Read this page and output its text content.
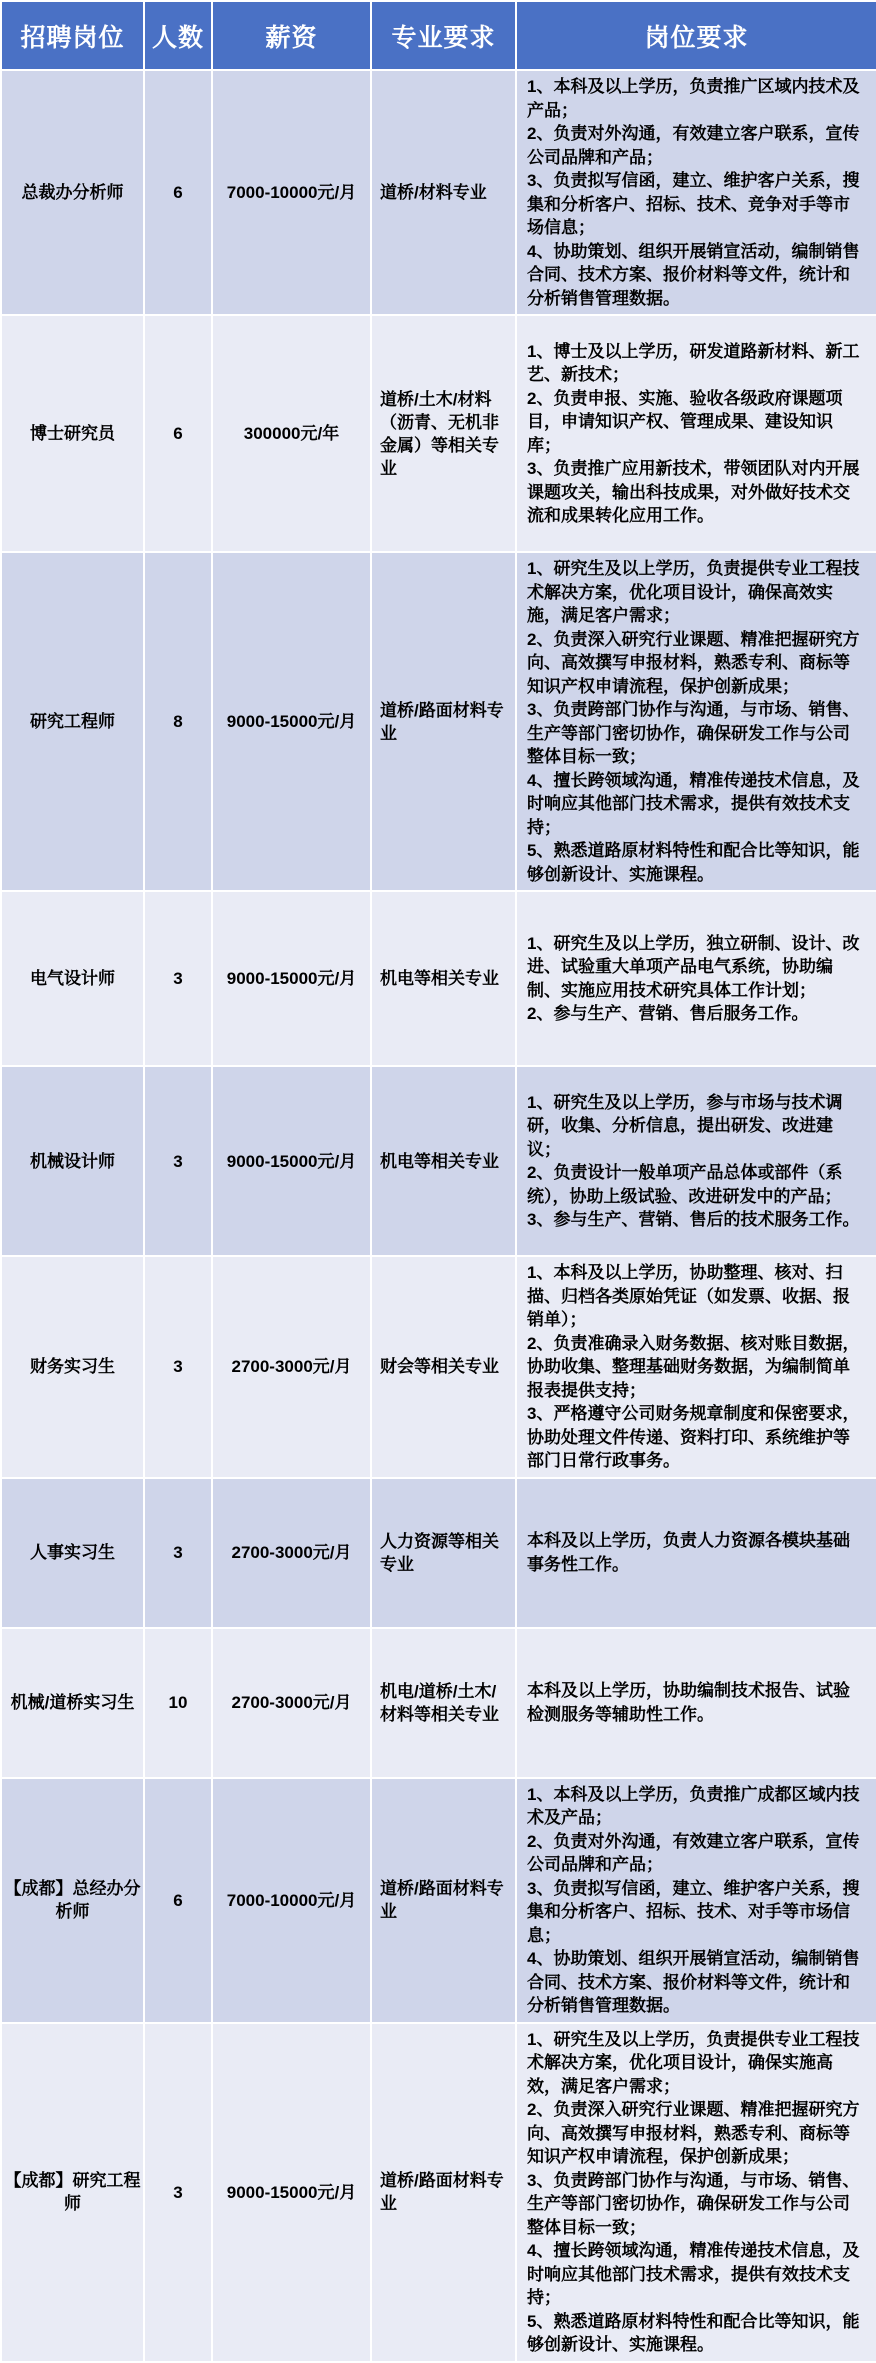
招聘岗位	人数	薪资	专业要求	岗位要求
总裁办分析师	6	7000-10000元/月	道桥/材料专业	1、本科及以上学历，负责推广区域内技术及产品；
2、负责对外沟通，有效建立客户联系，宣传公司品牌和产品；
3、负责拟写信函，建立、维护客户关系，搜集和分析客户、招标、技术、竞争对手等市场信息；
4、协助策划、组织开展销宣活动，编制销售合同、技术方案、报价材料等文件，统计和分析销售管理数据。
博士研究员	6	300000元/年	道桥/土木/材料（沥青、无机非金属）等相关专业	1、博士及以上学历，研发道路新材料、新工艺、新技术；
2、负责申报、实施、验收各级政府课题项目，申请知识产权、管理成果、建设知识库；
3、负责推广应用新技术，带领团队对内开展课题攻关，输出科技成果，对外做好技术交流和成果转化应用工作。
研究工程师	8	9000-15000元/月	道桥/路面材料专业	1、研究生及以上学历，负责提供专业工程技术解决方案，优化项目设计，确保高效实施，满足客户需求；
2、负责深入研究行业课题、精准把握研究方向、高效撰写申报材料，熟悉专利、商标等知识产权申请流程，保护创新成果；
3、负责跨部门协作与沟通，与市场、销售、生产等部门密切协作，确保研发工作与公司整体目标一致；
4、擅长跨领域沟通，精准传递技术信息，及时响应其他部门技术需求，提供有效技术支持；
5、熟悉道路原材料特性和配合比等知识，能够创新设计、实施课程。
电气设计师	3	9000-15000元/月	机电等相关专业	1、研究生及以上学历，独立研制、设计、改进、试验重大单项产品电气系统，协助编制、实施应用技术研究具体工作计划；
2、参与生产、营销、售后服务工作。
机械设计师	3	9000-15000元/月	机电等相关专业	1、研究生及以上学历，参与市场与技术调研，收集、分析信息，提出研发、改进建议；
2、负责设计一般单项产品总体或部件（系统），协助上级试验、改进研发中的产品；
3、参与生产、营销、售后的技术服务工作。
财务实习生	3	2700-3000元/月	财会等相关专业	1、本科及以上学历，协助整理、核对、扫描、归档各类原始凭证（如发票、收据、报销单）；
2、负责准确录入财务数据、核对账目数据，协助收集、整理基础财务数据，为编制简单报表提供支持；
3、严格遵守公司财务规章制度和保密要求，协助处理文件传递、资料打印、系统维护等部门日常行政事务。
人事实习生	3	2700-3000元/月	人力资源等相关专业	本科及以上学历，负责人力资源各模块基础事务性工作。
机械/道桥实习生	10	2700-3000元/月	机电/道桥/土木/材料等相关专业	本科及以上学历，协助编制技术报告、试验检测服务等辅助性工作。
【成都】总经办分析师	6	7000-10000元/月	道桥/路面材料专业	1、本科及以上学历，负责推广成都区域内技术及产品；
2、负责对外沟通，有效建立客户联系，宣传公司品牌和产品；
3、负责拟写信函，建立、维护客户关系，搜集和分析客户、招标、技术、对手等市场信息；
4、协助策划、组织开展销宣活动，编制销售合同、技术方案、报价材料等文件，统计和分析销售管理数据。
【成都】研究工程师	3	9000-15000元/月	道桥/路面材料专业	1、研究生及以上学历，负责提供专业工程技术解决方案，优化项目设计，确保实施高效，满足客户需求；
2、负责深入研究行业课题、精准把握研究方向、高效撰写申报材料，熟悉专利、商标等知识产权申请流程，保护创新成果；
3、负责跨部门协作与沟通，与市场、销售、生产等部门密切协作，确保研发工作与公司整体目标一致；
4、擅长跨领域沟通，精准传递技术信息，及时响应其他部门技术需求，提供有效技术支持；
5、熟悉道路原材料特性和配合比等知识，能够创新设计、实施课程。
